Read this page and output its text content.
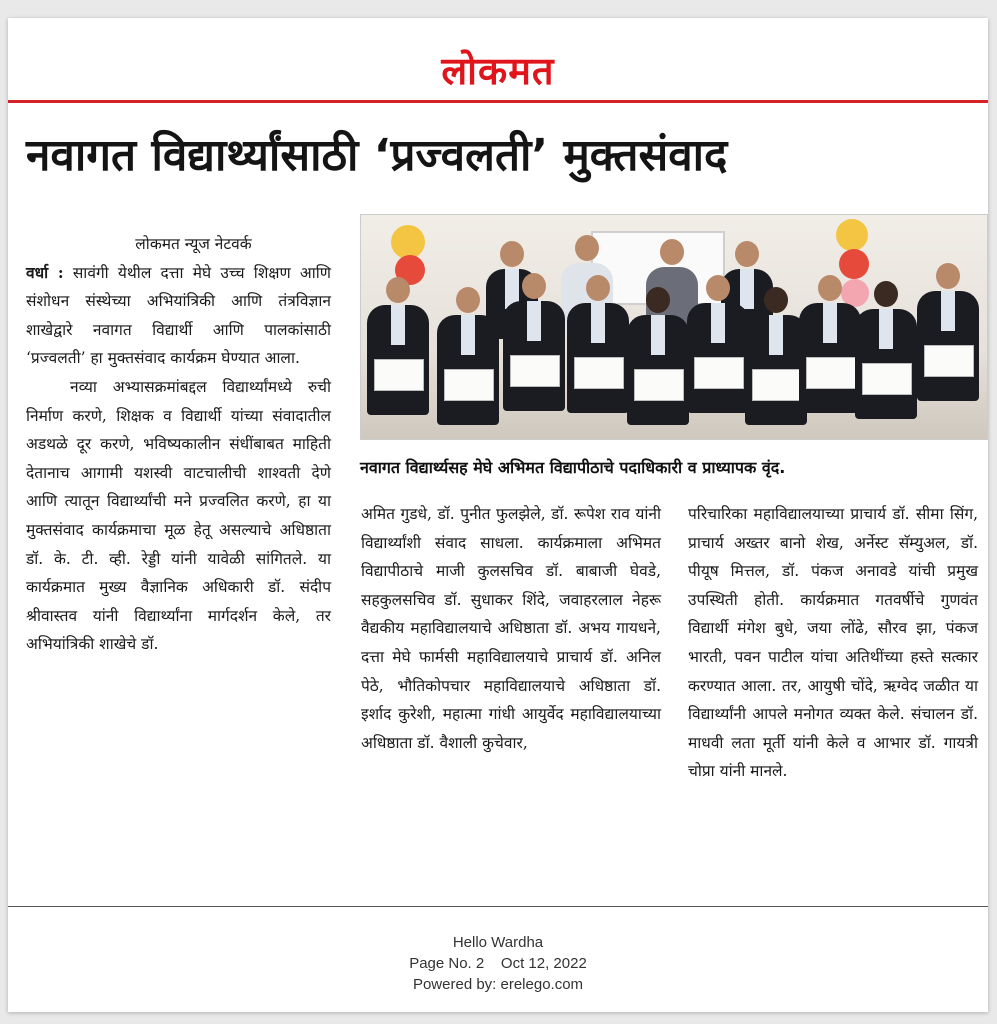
लोकमत
नवागत विद्यार्थ्यांसाठी ‘प्रज्वलती’ मुक्तसंवाद
लोकमत न्यूज नेटवर्क
वर्धा : सावंगी येथील दत्ता मेघे उच्च शिक्षण आणि संशोधन संस्थेच्या अभियांत्रिकी आणि तंत्रविज्ञान शाखेद्वारे नवागत विद्यार्थी आणि पालकांसाठी ‘प्रज्वलती’ हा मुक्तसंवाद कार्यक्रम घेण्यात आला.
नव्या अभ्यासक्रमांबद्दल विद्यार्थ्यांमध्ये रुची निर्माण करणे, शिक्षक व विद्यार्थी यांच्या संवादातील अडथळे दूर करणे, भविष्यकालीन संधींबाबत माहिती देतानाच आगामी यशस्वी वाटचालीची शाश्वती देणे आणि त्यातून विद्यार्थ्यांची मने प्रज्वलित करणे, हा या मुक्तसंवाद कार्यक्रमाचा मूळ हेतू असल्याचे अधिष्ठाता डॉ. के. टी. व्ही. रेड्डी यांनी यावेळी सांगितले. या कार्यक्रमात मुख्य वैज्ञानिक अधिकारी डॉ. संदीप श्रीवास्तव यांनी विद्यार्थ्यांना मार्गदर्शन केले, तर अभियांत्रिकी शाखेचे डॉ.
नवागत विद्यार्थ्यसह मेघे अभिमत विद्यापीठाचे पदाधिकारी व प्राध्यापक वृंद.
अमित गुडधे, डॉ. पुनीत फुलझेले, डॉ. रूपेश राव यांनी विद्यार्थ्यांशी संवाद साधला. कार्यक्रमाला अभिमत विद्यापीठाचे माजी कुलसचिव डॉ. बाबाजी घेवडे, सहकुलसचिव डॉ. सुधाकर शिंदे, जवाहरलाल नेहरू वैद्यकीय महाविद्यालयाचे अधिष्ठाता डॉ. अभय गायधने, दत्ता मेघे फार्मसी महाविद्यालयाचे प्राचार्य डॉ. अनिल पेठे, भौतिकोपचार महाविद्यालयाचे अधिष्ठाता डॉ. इर्शाद कुरेशी, महात्मा गांधी आयुर्वेद महाविद्यालयाच्या अधिष्ठाता डॉ. वैशाली कुचेवार,
परिचारिका महाविद्यालयाच्या प्राचार्य डॉ. सीमा सिंग, प्राचार्य अख्तर बानो शेख, अर्नेस्ट सॅम्युअल, डॉ. पीयूष मित्तल, डॉ. पंकज अनावडे यांची प्रमुख उपस्थिती होती. कार्यक्रमात गतवर्षीचे गुणवंत विद्यार्थी मंगेश बुधे, जया लोंढे, सौरव झा, पंकज भारती, पवन पाटील यांचा अतिथींच्या हस्ते सत्कार करण्यात आला. तर, आयुषी चोंदे, ऋग्वेद जळीत या विद्यार्थ्यांनी आपले मनोगत व्यक्त केले. संचालन डॉ. माधवी लता मूर्ती यांनी केले व आभार डॉ. गायत्री चोप्रा यांनी मानले.
Hello Wardha
Page No. 2    Oct 12, 2022
Powered by: erelego.com
